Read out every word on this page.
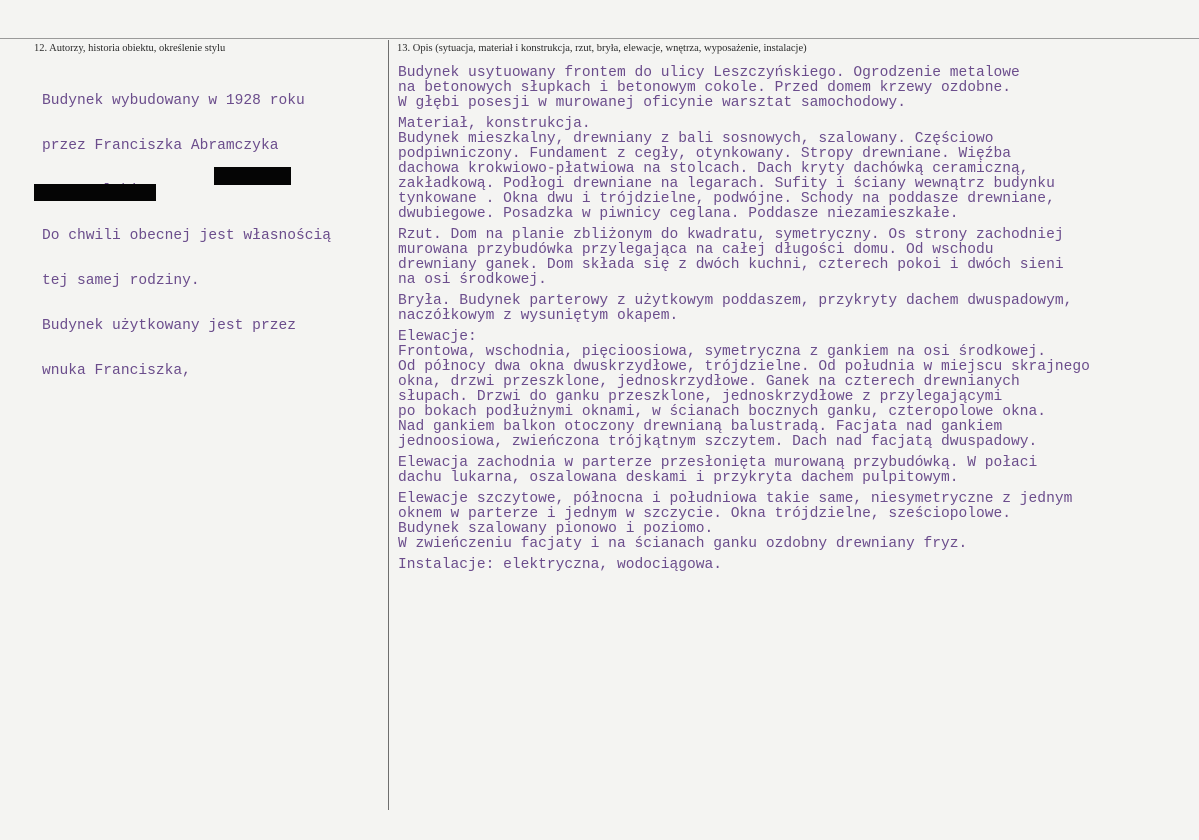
12. Autorzy, historia obiektu, określenie stylu	13. Opis (sytuacja, materiał i konstrukcja, rzut, bryła, elewacje, wnętrza, wyposażenie, instalacje)

Budynek wybudowany w 1928 roku

przez Franciszka Abramczyka

Do chwili obecnej jest własnością

tej samej rodziny.

Budynek użytkowany jest przez

wnuka Franciszka,

Budynek usytuowany frontem do ulicy Leszczyńskiego. Ogrodzenie metalowe
na betonowych słupkach i betonowym cokole. Przed domem krzewy ozdobne.
W głębi posesji w murowanej oficynie warsztat samochodowy.
Materiał, konstrukcja.
Budynek mieszkalny, drewniany z bali sosnowych, szalowany. Częściowo
podpiwniczony. Fundament z cegły, otynkowany. Stropy drewniane. Więźba
dachowa krokwiowo-płatwiowa na stolcach. Dach kryty dachówką ceramiczną,
zakładkową. Podłogi drewniane na legarach. Sufity i ściany wewnątrz budynku
tynkowane . Okna dwu i trójdzielne, podwójne. Schody na poddasze drewniane,
dwubiegowe. Posadzka w piwnicy ceglana. Poddasze niezamieszkałe.
Rzut. Dom na planie zbliżonym do kwadratu, symetryczny. Os strony zachodniej
murowana przybudówka przylegająca na całej długości domu. Od wschodu
drewniany ganek. Dom składa się z dwóch kuchni, czterech pokoi i dwóch sieni
na osi środkowej.
Bryła. Budynek parterowy z użytkowym poddaszem, przykryty dachem dwuspadowym,
naczółkowym z wysuniętym okapem.
Elewacje:
Frontowa, wschodnia, pięcioosiowa, symetryczna z gankiem na osi środkowej.
Od północy dwa okna dwuskrzydłowe, trójdzielne. Od południa w miejscu skrajnego
okna, drzwi przeszklone, jednoskrzydłowe. Ganek na czterech drewnianych
słupach. Drzwi do ganku przeszklone, jednoskrzydłowe z przylegającymi
po bokach podłużnymi oknami, w ścianach bocznych ganku, czteropolowe okna.
Nad gankiem balkon otoczony drewnianą balustradą. Facjata nad gankiem
jednoosiowa, zwieńczona trójkątnym szczytem. Dach nad facjatą dwuspadowy.
Elewacja zachodnia w parterze przesłonięta murowaną przybudówką. W połaci
dachu lukarna, oszalowana deskami i przykryta dachem pulpitowym.
Elewacje szczytowe, północna i południowa takie same, niesymetryczne z jednym
oknem w parterze i jednym w szczycie. Okna trójdzielne, sześciopolowe.
Budynek szalowany pionowo i poziomo.
W zwieńczeniu facjaty i na ścianach ganku ozdobny drewniany fryz.
Instalacje: elektryczna, wodociągowa.
